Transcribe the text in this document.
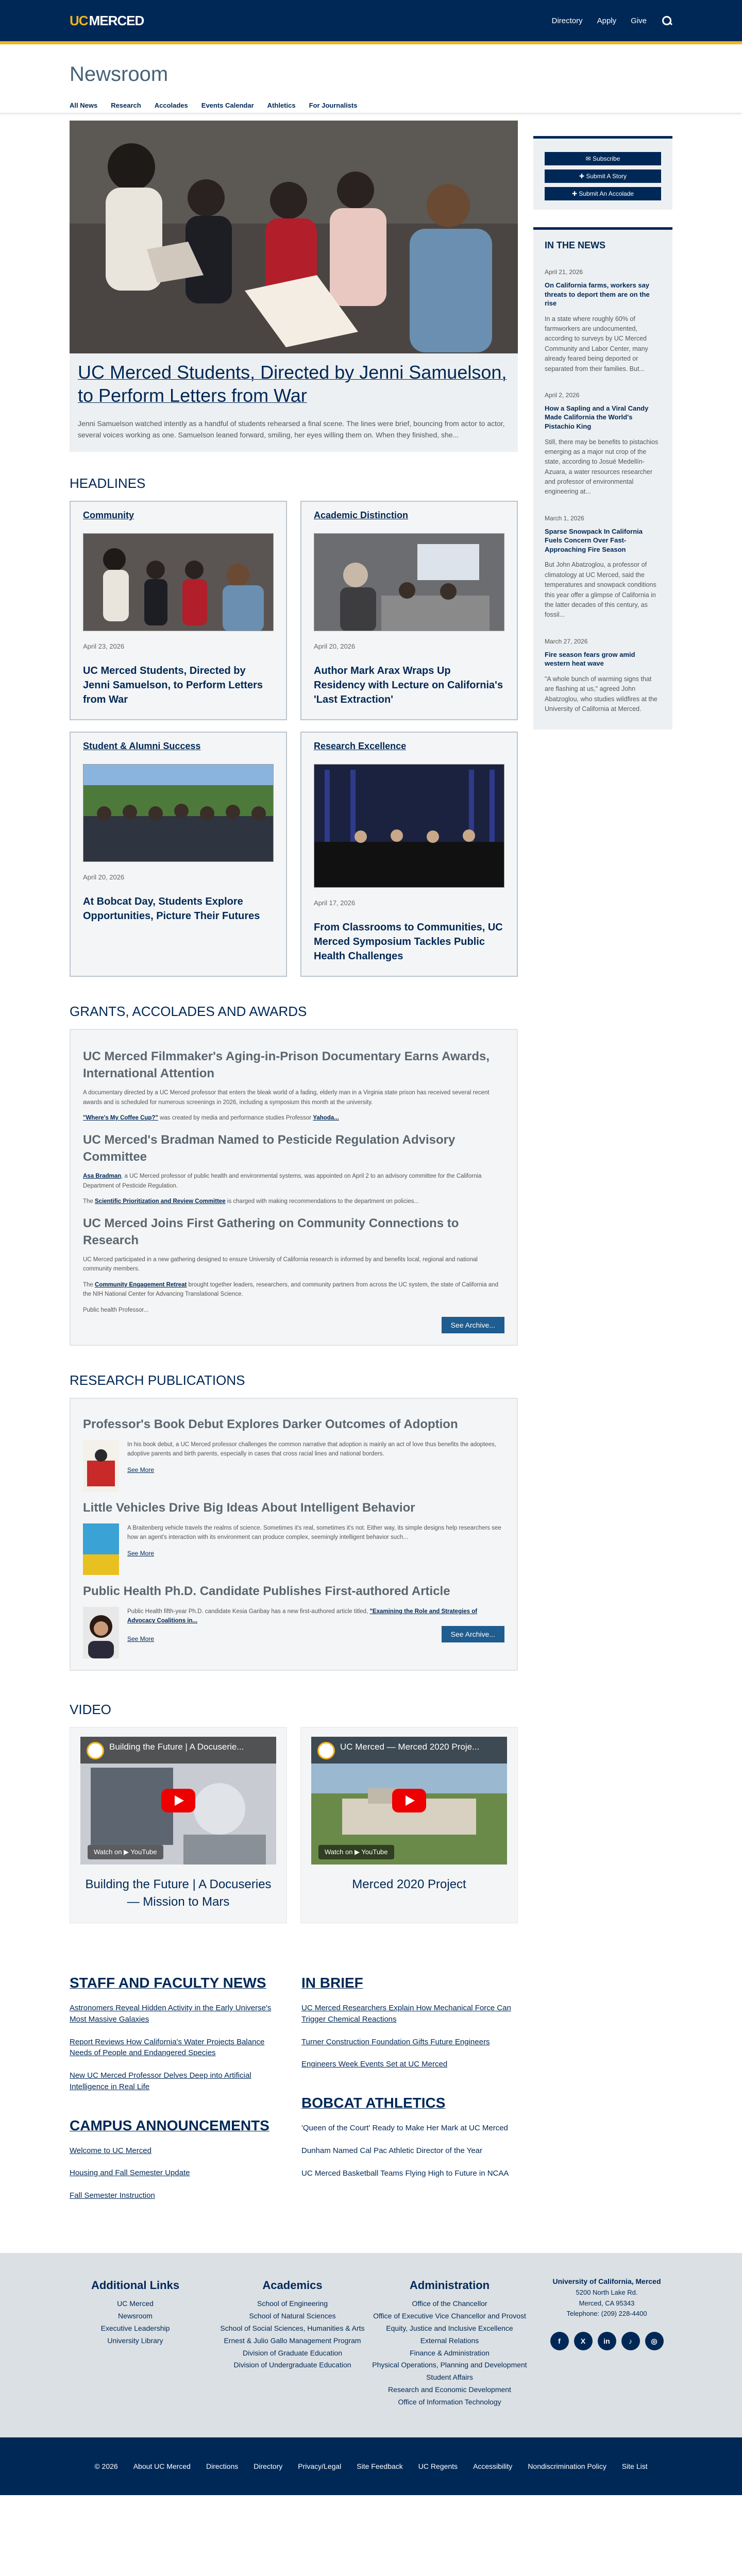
UC MERCED	Directory Apply Give
Newsroom
All News Research Accolades Events Calendar Athletics For Journalists
UC Merced Students, Directed by Jenni Samuelson, to Perform Letters from War
Jenni Samuelson watched intently as a handful of students rehearsed a final scene. The lines were brief, bouncing from actor to actor, several voices working as one. Samuelson leaned forward, smiling, her eyes willing them on. When they finished, she...
HEADLINES
Community
April 23, 2026
UC Merced Students, Directed by Jenni Samuelson, to Perform Letters from War
Academic Distinction
April 20, 2026
Author Mark Arax Wraps Up Residency with Lecture on California's 'Last Extraction'
Student & Alumni Success
April 20, 2026
At Bobcat Day, Students Explore Opportunities, Picture Their Futures
Research Excellence
April 17, 2026
From Classrooms to Communities, UC Merced Symposium Tackles Public Health Challenges
GRANTS, ACCOLADES AND AWARDS
UC Merced Filmmaker's Aging-in-Prison Documentary Earns Awards, International Attention
A documentary directed by a UC Merced professor that enters the bleak world of a fading, elderly man in a Virginia state prison has received several recent awards and is scheduled for numerous screenings in 2026, including a symposium this month at the university.
"Where's My Coffee Cup?" was created by media and performance studies Professor Yahoda...
UC Merced's Bradman Named to Pesticide Regulation Advisory Committee
Asa Bradman, a UC Merced professor of public health and environmental systems, was appointed on April 2 to an advisory committee for the California Department of Pesticide Regulation.
The Scientific Prioritization and Review Committee is charged with making recommendations to the department on policies...
UC Merced Joins First Gathering on Community Connections to Research
UC Merced participated in a new gathering designed to ensure University of California research is informed by and benefits local, regional and national community members.
The Community Engagement Retreat brought together leaders, researchers, and community partners from across the UC system, the state of California and the NIH National Center for Advancing Translational Science.
Public health Professor...
See Archive...
RESEARCH PUBLICATIONS
Professor's Book Debut Explores Darker Outcomes of Adoption
In his book debut, a UC Merced professor challenges the common narrative that adoption is mainly an act of love thus benefits the adoptees, adoptive parents and birth parents, especially in cases that cross racial lines and national borders.
See More
Little Vehicles Drive Big Ideas About Intelligent Behavior
A Braitenberg vehicle travels the realms of science. Sometimes it's real, sometimes it's not. Either way, its simple designs help researchers see how an agent's interaction with its environment can produce complex, seemingly intelligent behavior such...
See More
Public Health Ph.D. Candidate Publishes First-authored Article
Public Health fifth-year Ph.D. candidate Kesia Garibay has a new first-authored article titled, "Examining the Role and Strategies of Advocacy Coalitions in...
See More
See Archive...
VIDEO
Building the Future | A Docuserie...
Watch on ▶ YouTube
Building the Future | A Docuseries — Mission to Mars
UC Merced — Merced 2020 Proje...
Watch on ▶ YouTube
Merced 2020 Project
✉ Subscribe
✚ Submit A Story
✚ Submit An Accolade
IN THE NEWS
April 21, 2026
On California farms, workers say threats to deport them are on the rise
In a state where roughly 60% of farmworkers are undocumented, according to surveys by UC Merced Community and Labor Center, many already feared being deported or separated from their families. But...
April 2, 2026
How a Sapling and a Viral Candy Made California the World's Pistachio King
Still, there may be benefits to pistachios emerging as a major nut crop of the state, according to Josué Medellín-Azuara, a water resources researcher and professor of environmental engineering at...
March 1, 2026
Sparse Snowpack In California Fuels Concern Over Fast-Approaching Fire Season
But John Abatzoglou, a professor of climatology at UC Merced, said the temperatures and snowpack conditions this year offer a glimpse of California in the latter decades of this century, as fossil...
March 27, 2026
Fire season fears grow amid western heat wave
"A whole bunch of warming signs that are flashing at us," agreed John Abatzoglou, who studies wildfires at the University of California at Merced.
STAFF AND FACULTY NEWS
Astronomers Reveal Hidden Activity in the Early Universe's Most Massive Galaxies
Report Reviews How California's Water Projects Balance Needs of People and Endangered Species
New UC Merced Professor Delves Deep into Artificial Intelligence in Real Life
CAMPUS ANNOUNCEMENTS
Welcome to UC Merced
Housing and Fall Semester Update
Fall Semester Instruction
IN BRIEF
UC Merced Researchers Explain How Mechanical Force Can Trigger Chemical Reactions
Turner Construction Foundation Gifts Future Engineers
Engineers Week Events Set at UC Merced
BOBCAT ATHLETICS
'Queen of the Court' Ready to Make Her Mark at UC Merced
Dunham Named Cal Pac Athletic Director of the Year
UC Merced Basketball Teams Flying High to Future in NCAA
Additional Links
UC Merced
Newsroom
Executive Leadership
University Library
Academics
School of Engineering
School of Natural Sciences
School of Social Sciences, Humanities & Arts
Ernest & Julio Gallo Management Program
Division of Graduate Education
Division of Undergraduate Education
Administration
Office of the Chancellor
Office of Executive Vice Chancellor and Provost
Equity, Justice and Inclusive Excellence
External Relations
Finance & Administration
Physical Operations, Planning and Development
Student Affairs
Research and Economic Development
Office of Information Technology
University of California, Merced
5200 North Lake Rd.
Merced, CA 95343
Telephone: (209) 228-4400
f	X	in	♪	◎
© 2026 About UC Merced Directions Directory Privacy/Legal Site Feedback UC Regents Accessibility Nondiscrimination Policy Site List
